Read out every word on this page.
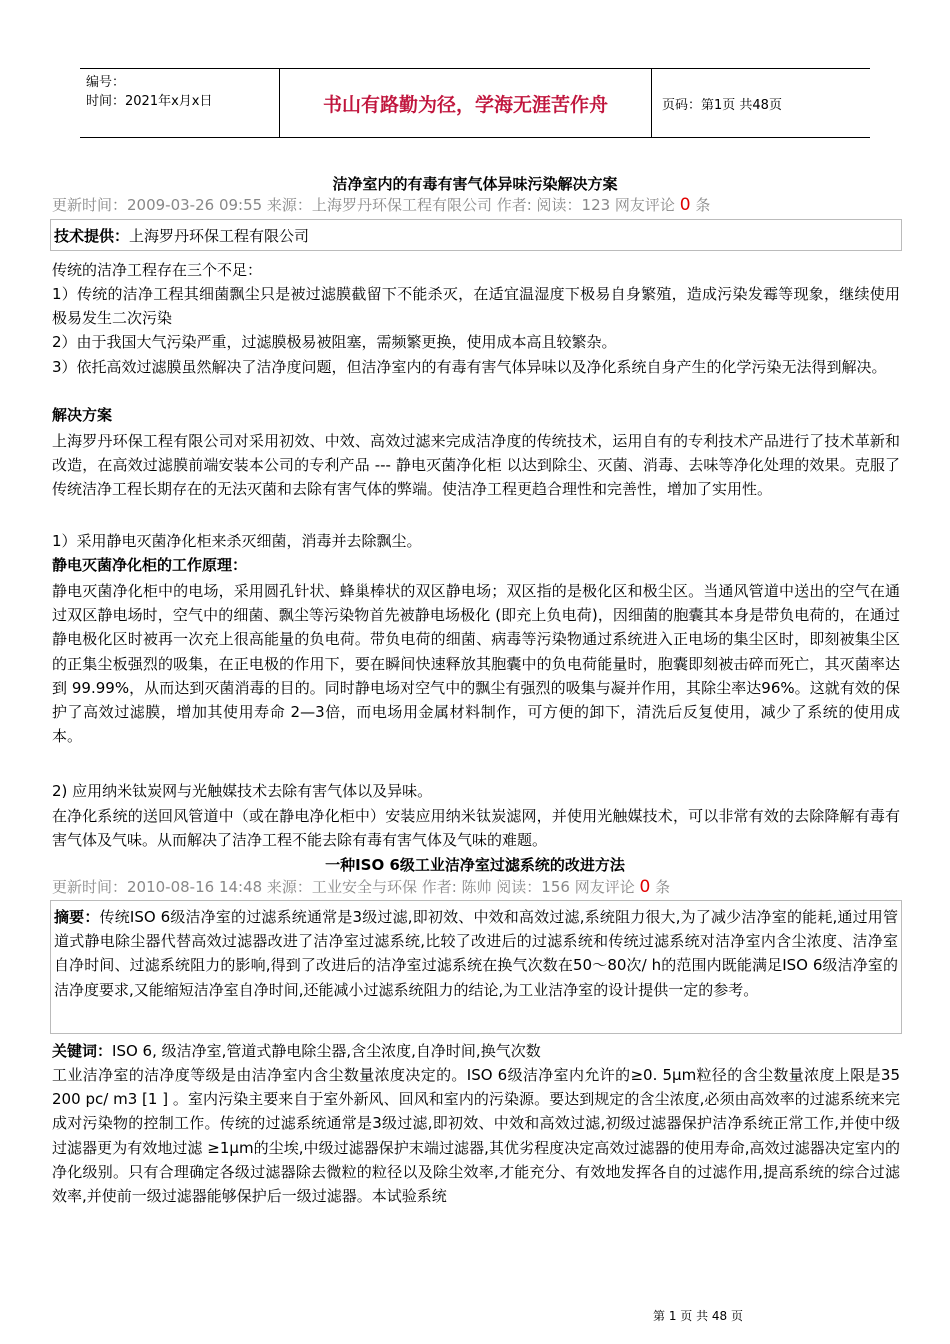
编号：
时间：2021年x月x日	书山有路勤为径，学海无涯苦作舟	页码：第1页 共48页
洁净室内的有毒有害气体异味污染解决方案
更新时间：2009-03-26 09:55 来源：上海罗丹环保工程有限公司 作者: 阅读：123 网友评论 0 条
技术提供：上海罗丹环保工程有限公司
传统的洁净工程存在三个不足：
1）传统的洁净工程其细菌飘尘只是被过滤膜截留下不能杀灭，在适宜温湿度下极易自身繁殖，造成污染发霉等现象，继续使用极易发生二次污染
2）由于我国大气污染严重，过滤膜极易被阻塞，需频繁更换，使用成本高且较繁杂。
3）依托高效过滤膜虽然解决了洁净度问题，但洁净室内的有毒有害气体异味以及净化系统自身产生的化学污染无法得到解决。
解决方案
上海罗丹环保工程有限公司对采用初效、中效、高效过滤来完成洁净度的传统技术，运用自有的专利技术产品进行了技术革新和改造，在高效过滤膜前端安装本公司的专利产品 --- 静电灭菌净化柜 以达到除尘、灭菌、消毒、去味等净化处理的效果。克服了传统洁净工程长期存在的无法灭菌和去除有害气体的弊端。使洁净工程更趋合理性和完善性，增加了实用性。
1）采用静电灭菌净化柜来杀灭细菌，消毒并去除飘尘。
静电灭菌净化柜的工作原理：
静电灭菌净化柜中的电场，采用圆孔针状、蜂巢棒状的双区静电场；双区指的是极化区和极尘区。当通风管道中送出的空气在通过双区静电场时，空气中的细菌、飘尘等污染物首先被静电场极化 (即充上负电荷)，因细菌的胞囊其本身是带负电荷的，在通过静电极化区时被再一次充上很高能量的负电荷。带负电荷的细菌、病毒等污染物通过系统进入正电场的集尘区时，即刻被集尘区的正集尘板强烈的吸集，在正电极的作用下，要在瞬间快速释放其胞囊中的负电荷能量时，胞囊即刻被击碎而死亡，其灭菌率达到 99.99%，从而达到灭菌消毒的目的。同时静电场对空气中的飘尘有强烈的吸集与凝并作用，其除尘率达96%。这就有效的保护了高效过滤膜，增加其使用寿命 2—3倍，而电场用金属材料制作，可方便的卸下，清洗后反复使用，减少了系统的使用成本。
2) 应用纳米钛炭网与光触媒技术去除有害气体以及异味。
在净化系统的送回风管道中（或在静电净化柜中）安装应用纳米钛炭滤网，并使用光触媒技术，可以非常有效的去除降解有毒有害气体及气味。从而解决了洁净工程不能去除有毒有害气体及气味的难题。
一种ISO 6级工业洁净室过滤系统的改进方法
更新时间：2010-08-16 14:48 来源：工业安全与环保 作者: 陈帅 阅读：156 网友评论 0 条
摘要：传统ISO 6级洁净室的过滤系统通常是3级过滤,即初效、中效和高效过滤,系统阻力很大,为了减少洁净室的能耗,通过用管道式静电除尘器代替高效过滤器改进了洁净室过滤系统,比较了改进后的过滤系统和传统过滤系统对洁净室内含尘浓度、洁净室自净时间、过滤系统阻力的影响,得到了改进后的洁净室过滤系统在换气次数在50～80次/ h的范围内既能满足ISO 6级洁净室的洁净度要求,又能缩短洁净室自净时间,还能减小过滤系统阻力的结论,为工业洁净室的设计提供一定的参考。
关键词：ISO 6, 级洁净室,管道式静电除尘器,含尘浓度,自净时间,换气次数
工业洁净室的洁净度等级是由洁净室内含尘数量浓度决定的。ISO 6级洁净室内允许的≥0. 5μm粒径的含尘数量浓度上限是35 200 pc/ m3 [1 ] 。室内污染主要来自于室外新风、回风和室内的污染源。要达到规定的含尘浓度,必须由高效率的过滤系统来完成对污染物的控制工作。传统的过滤系统通常是3级过滤,即初效、中效和高效过滤,初级过滤器保护洁净系统正常工作,并使中级过滤器更为有效地过滤 ≥1μm的尘埃,中级过滤器保护末端过滤器,其优劣程度决定高效过滤器的使用寿命,高效过滤器决定室内的净化级别。只有合理确定各级过滤器除去微粒的粒径以及除尘效率,才能充分、有效地发挥各自的过滤作用,提高系统的综合过滤效率,并使前一级过滤器能够保护后一级过滤器。本试验系统
第 1 页 共 48 页
